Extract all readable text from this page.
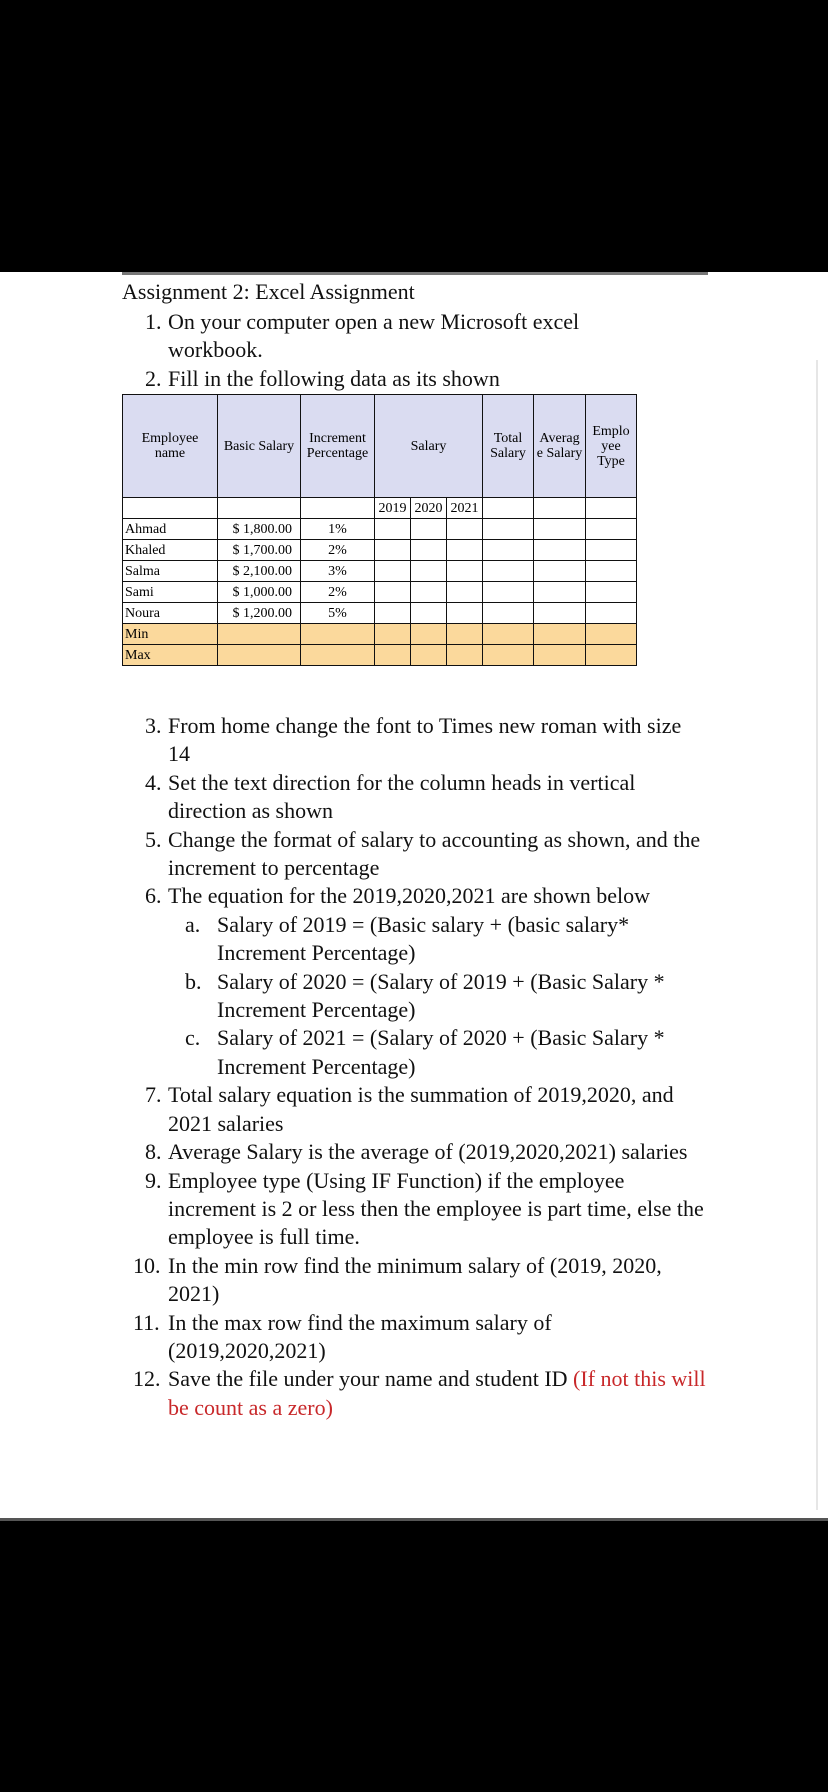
Assignment 2: Excel Assignment
1. On your computer open a new Microsoft excel workbook.
2. Fill in the following data as its shown
Employee name	Basic Salary	Increment Percentage	Salary			Total Salary	Averag e Salary	Emplo yee Type
			2019	2020	2021			
Ahmad	$ 1,800.00	1%						
Khaled	$ 1,700.00	2%						
Salma	$ 2,100.00	3%						
Sami	$ 1,000.00	2%						
Noura	$ 1,200.00	5%						
Min								
Max								
3. From home change the font to Times new roman with size 14
4. Set the text direction for the column heads in vertical direction as shown
5. Change the format of salary to accounting as shown, and the increment to percentage
6. The equation for the 2019,2020,2021 are shown below
a. Salary of 2019 = (Basic salary + (basic salary* Increment Percentage)
b. Salary of 2020 = (Salary of 2019 + (Basic Salary * Increment Percentage)
c. Salary of 2021 = (Salary of 2020 + (Basic Salary * Increment Percentage)
7. Total salary equation is the summation of 2019,2020, and 2021 salaries
8. Average Salary is the average of (2019,2020,2021) salaries
9. Employee type (Using IF Function) if the employee increment is 2 or less then the employee is part time, else the employee is full time.
10. In the min row find the minimum salary of (2019, 2020, 2021)
11. In the max row find the maximum salary of (2019,2020,2021)
12. Save the file under your name and student ID (If not this will be count as a zero)
